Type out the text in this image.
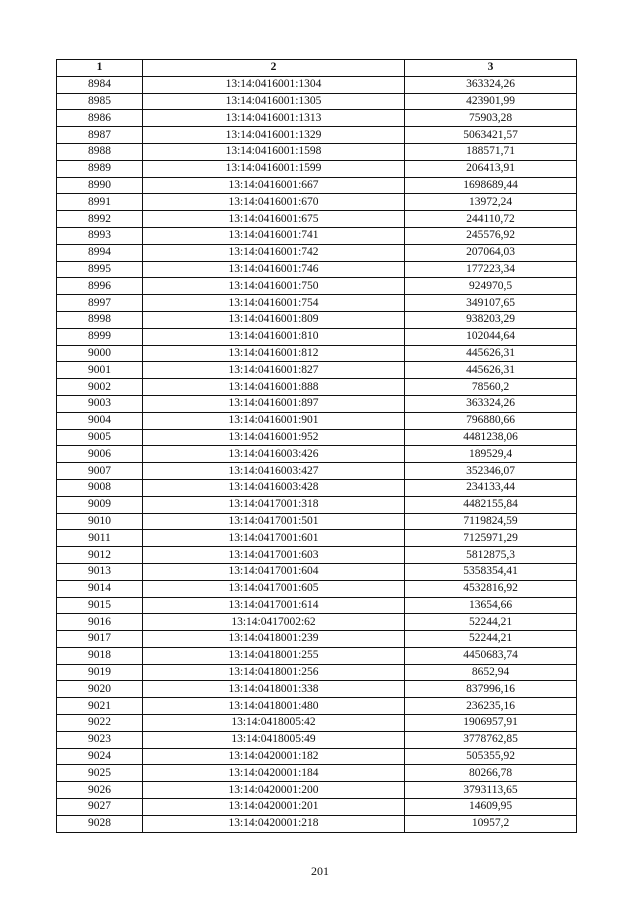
1	2	3
8984	13:14:0416001:1304	363324,26
8985	13:14:0416001:1305	423901,99
8986	13:14:0416001:1313	75903,28
8987	13:14:0416001:1329	5063421,57
8988	13:14:0416001:1598	188571,71
8989	13:14:0416001:1599	206413,91
8990	13:14:0416001:667	1698689,44
8991	13:14:0416001:670	13972,24
8992	13:14:0416001:675	244110,72
8993	13:14:0416001:741	245576,92
8994	13:14:0416001:742	207064,03
8995	13:14:0416001:746	177223,34
8996	13:14:0416001:750	924970,5
8997	13:14:0416001:754	349107,65
8998	13:14:0416001:809	938203,29
8999	13:14:0416001:810	102044,64
9000	13:14:0416001:812	445626,31
9001	13:14:0416001:827	445626,31
9002	13:14:0416001:888	78560,2
9003	13:14:0416001:897	363324,26
9004	13:14:0416001:901	796880,66
9005	13:14:0416001:952	4481238,06
9006	13:14:0416003:426	189529,4
9007	13:14:0416003:427	352346,07
9008	13:14:0416003:428	234133,44
9009	13:14:0417001:318	4482155,84
9010	13:14:0417001:501	7119824,59
9011	13:14:0417001:601	7125971,29
9012	13:14:0417001:603	5812875,3
9013	13:14:0417001:604	5358354,41
9014	13:14:0417001:605	4532816,92
9015	13:14:0417001:614	13654,66
9016	13:14:0417002:62	52244,21
9017	13:14:0418001:239	52244,21
9018	13:14:0418001:255	4450683,74
9019	13:14:0418001:256	8652,94
9020	13:14:0418001:338	837996,16
9021	13:14:0418001:480	236235,16
9022	13:14:0418005:42	1906957,91
9023	13:14:0418005:49	3778762,85
9024	13:14:0420001:182	505355,92
9025	13:14:0420001:184	80266,78
9026	13:14:0420001:200	3793113,65
9027	13:14:0420001:201	14609,95
9028	13:14:0420001:218	10957,2
201
